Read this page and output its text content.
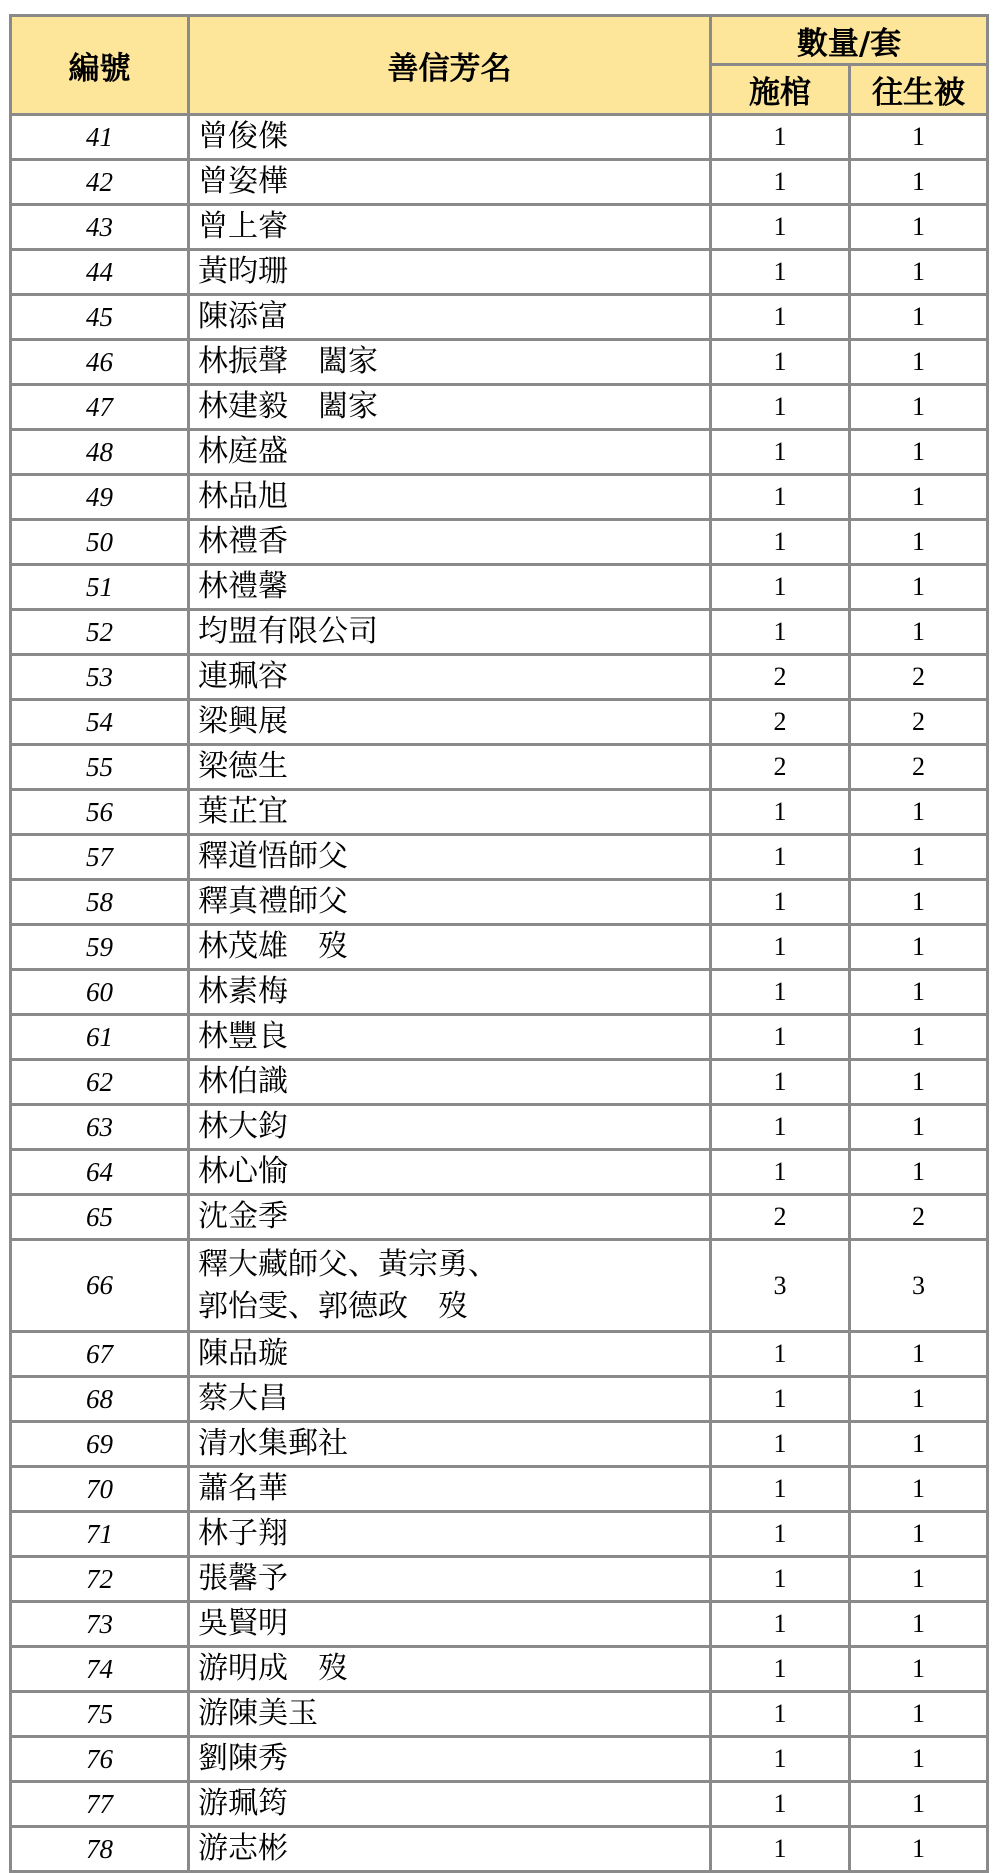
編號	善信芳名	數量/套	
		施棺	往生被
41	曾俊傑	1	1
42	曾姿樺	1	1
43	曾上睿	1	1
44	黃昀珊	1	1
45	陳添富	1	1
46	林振聲　闔家	1	1
47	林建毅　闔家	1	1
48	林庭盛	1	1
49	林品旭	1	1
50	林禮香	1	1
51	林禮馨	1	1
52	均盟有限公司	1	1
53	連珮容	2	2
54	梁興展	2	2
55	梁德生	2	2
56	葉芷宜	1	1
57	釋道悟師父	1	1
58	釋真禮師父	1	1
59	林茂雄　歿	1	1
60	林素梅	1	1
61	林豐良	1	1
62	林伯識	1	1
63	林大鈞	1	1
64	林心愉	1	1
65	沈金季	2	2
66	釋大藏師父、黃宗勇、
郭怡雯、郭德政　歿	3	3
67	陳品璇	1	1
68	蔡大昌	1	1
69	清水集郵社	1	1
70	蕭名華	1	1
71	林子翔	1	1
72	張馨予	1	1
73	吳賢明	1	1
74	游明成　歿	1	1
75	游陳美玉	1	1
76	劉陳秀	1	1
77	游珮筠	1	1
78	游志彬	1	1
